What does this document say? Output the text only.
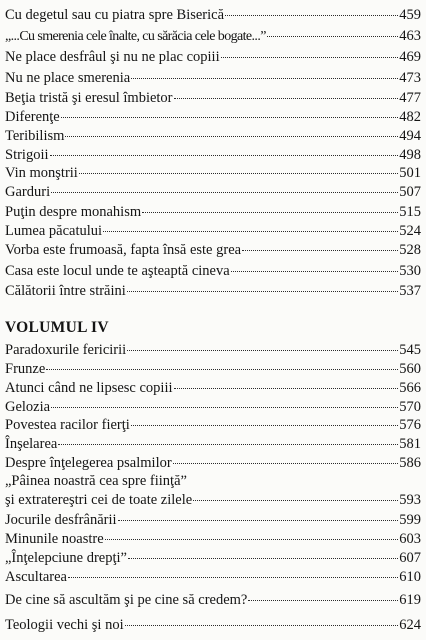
Cu degetul sau cu piatra spre Biserică	459
„...Cu smerenia cele înalte, cu sărăcia cele bogate...”	463
Ne place desfrâul şi nu ne plac copiii	469
Nu ne place smerenia	473
Beţia tristă şi eresul îmbietor	477
Diferenţe	482
Teribilism	494
Strigoii	498
Vin monştrii	501
Garduri	507
Puţin despre monahism	515
Lumea păcatului	524
Vorba este frumoasă, fapta însă este grea	528
Casa este locul unde te aşteaptă cineva	530
Călătorii între străini	537
VOLUMUL IV
Paradoxurile fericirii	545
Frunze	560
Atunci când ne lipsesc copiii	566
Gelozia	570
Povestea racilor fierţi	576
Înşelarea	581
Despre înţelegerea psalmilor	586
„Pâinea noastră cea spre fiinţă”
şi extratereştri cei de toate zilele	593
Jocurile desfrânării	599
Minunile noastre	603
„Înţelepciune drepţi”	607
Ascultarea	610
De cine să ascultăm şi pe cine să credem?	619
Teologii vechi şi noi	624
